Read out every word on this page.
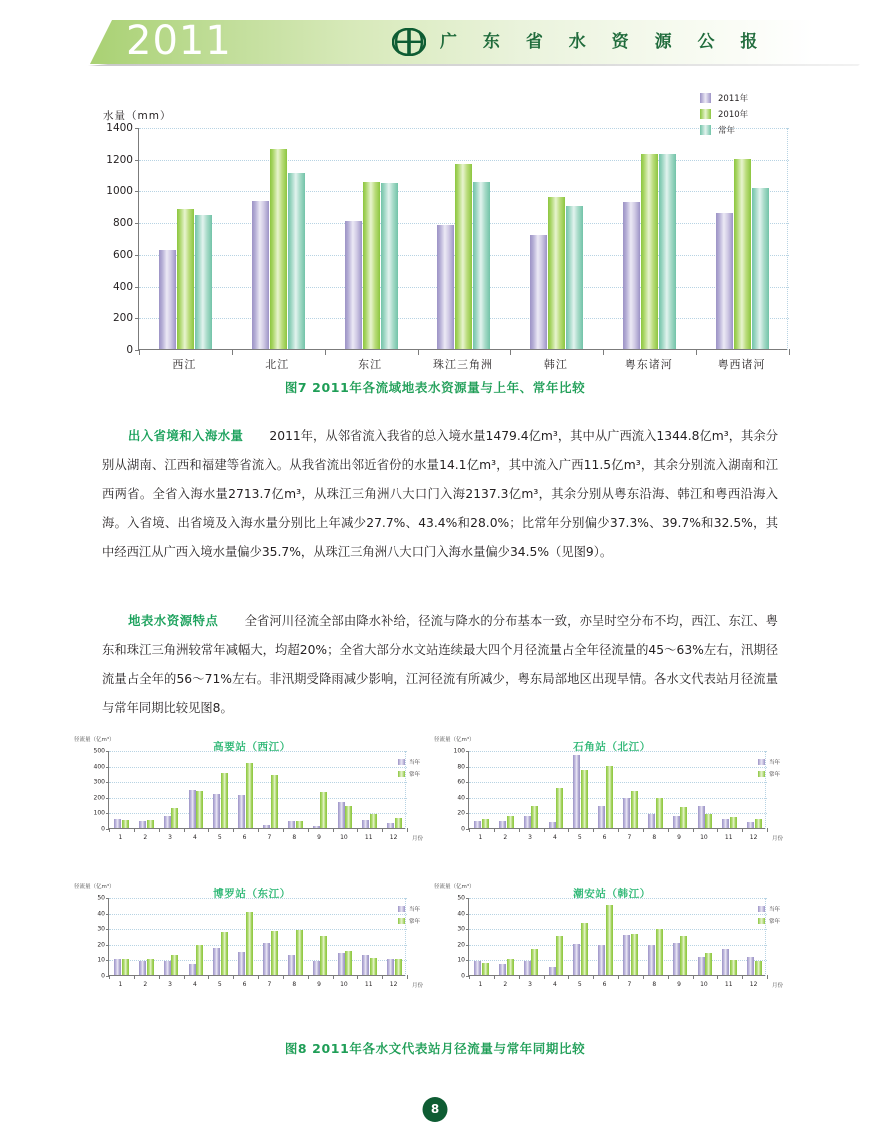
2011	广 东 省 水 资 源 公 报
水量（mm）
0
200
400
600
800
1000
1200
1400
2011年
2010年
常年
西江	北江	东江	珠江三角洲	韩江	粤东诸河	粤西诸河
图7 2011年各流域地表水资源量与上年、常年比较
出入省境和入海水量 2011年，从邻省流入我省的总入境水量1479.4亿m³，其中从广西流入1344.8亿m³，其余分别从湖南、江西和福建等省流入。从我省流出邻近省份的水量14.1亿m³，其中流入广西11.5亿m³，其余分别流入湖南和江西两省。全省入海水量2713.7亿m³，从珠江三角洲八大口门入海2137.3亿m³，其余分别从粤东沿海、韩江和粤西沿海入海。入省境、出省境及入海水量分别比上年减少27.7%、43.4%和28.0%；比常年分别偏少37.3%、39.7%和32.5%，其中经西江从广西入境水量偏少35.7%，从珠江三角洲八大口门入海水量偏少34.5%（见图9）。
地表水资源特点 全省河川径流全部由降水补给，径流与降水的分布基本一致，亦呈时空分布不均，西江、东江、粤东和珠江三角洲较常年减幅大，均超20%；全省大部分水文站连续最大四个月径流量占全年径流量的45～63%左右，汛期径流量占全年的56～71%左右。非汛期受降雨减少影响，江河径流有所减少，粤东局部地区出现旱情。各水文代表站月径流量与常年同期比较见图8。
径流量（亿m³）
高要站（西江）
0
100
200
300
400
500
1	2	3	4	5	6	7	8	9	10	11	12	月份
当年
常年
径流量（亿m³）
石角站（北江）
0
20
40
60
80
100
1	2	3	4	5	6	7	8	9	10	11	12	月份
当年
常年
径流量（亿m³）
博罗站（东江）
0
10
20
30
40
50
1	2	3	4	5	6	7	8	9	10	11	12	月份
当年
常年
径流量（亿m³）
潮安站（韩江）
0
10
20
30
40
50
1	2	3	4	5	6	7	8	9	10	11	12	月份
当年
常年
图8 2011年各水文代表站月径流量与常年同期比较
8
